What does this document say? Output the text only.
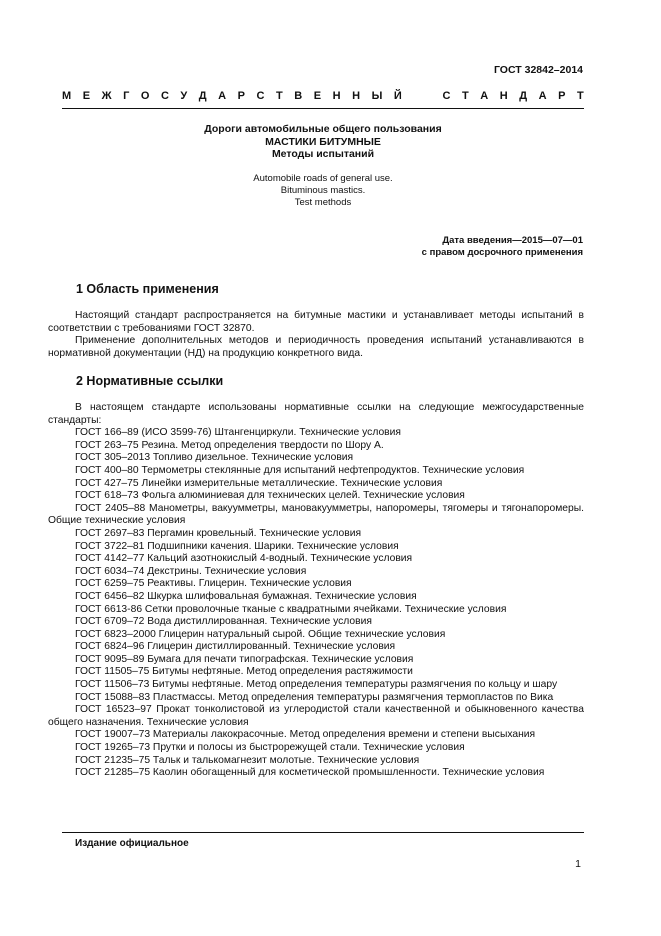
ГОСТ 32842–2014
М Е Ж Г О С У Д А Р С Т В Е Н Н Ы Й

	С Т А Н Д А Р Т
Дороги автомобильные общего пользования
МАСТИКИ БИТУМНЫЕ
Методы испытаний
Automobile roads of general use.
Bituminous mastics.
Test methods
Дата введения—2015—07—01
с правом досрочного применения
1 Область применения

Настоящий стандарт распространяется на битумные мастики и устанавливает методы испытаний в соответствии с требованиями ГОСТ 32870.

Применение дополнительных методов и периодичность проведения испытаний устанавливаются в нормативной документации (НД) на продукцию конкретного вида.

2 Нормативные ссылки

В настоящем стандарте использованы нормативные ссылки на следующие межгосударственные стандарты:

ГОСТ 166–89 (ИСО 3599-76) Штангенциркули. Технические условия

ГОСТ 263–75 Резина. Метод определения твердости по Шору А.

ГОСТ 305–2013 Топливо дизельное. Технические условия

ГОСТ 400–80 Термометры стеклянные для испытаний нефтепродуктов. Технические условия

ГОСТ 427–75 Линейки измерительные металлические. Технические условия

ГОСТ 618–73 Фольга алюминиевая для технических целей. Технические условия

ГОСТ 2405–88 Манометры, вакуумметры, мановакуумметры, напоромеры, тягомеры и тягонапоромеры. Общие технические условия

ГОСТ 2697–83 Пергамин кровельный. Технические условия

ГОСТ 3722–81 Подшипники качения. Шарики. Технические условия

ГОСТ 4142–77 Кальций азотнокислый 4-водный. Технические условия

ГОСТ 6034–74 Декстрины. Технические условия

ГОСТ 6259–75 Реактивы. Глицерин. Технические условия

ГОСТ 6456–82 Шкурка шлифовальная бумажная. Технические условия

ГОСТ 6613-86 Сетки проволочные тканые с квадратными ячейками. Технические условия

ГОСТ 6709–72 Вода дистиллированная. Технические условия

ГОСТ 6823–2000 Глицерин натуральный сырой. Общие технические условия

ГОСТ 6824–96 Глицерин дистиллированный. Технические условия

ГОСТ 9095–89 Бумага для печати типографская. Технические условия

ГОСТ 11505–75 Битумы нефтяные. Метод определения растяжимости

ГОСТ 11506–73 Битумы нефтяные. Метод определения температуры размягчения по кольцу и шару

ГОСТ 15088–83 Пластмассы. Метод определения температуры размягчения термопластов по Вика

ГОСТ 16523–97 Прокат тонколистовой из углеродистой стали качественной и обыкновенного качества общего назначения. Технические условия

ГОСТ 19007–73 Материалы лакокрасочные. Метод определения времени и степени высыхания

ГОСТ 19265–73 Прутки и полосы из быстрорежущей стали. Технические условия

ГОСТ 21235–75 Тальк и талькомагнезит молотые. Технические условия

ГОСТ 21285–75 Каолин обогащенный для косметической промышленности. Технические условия

Издание официальное
1
